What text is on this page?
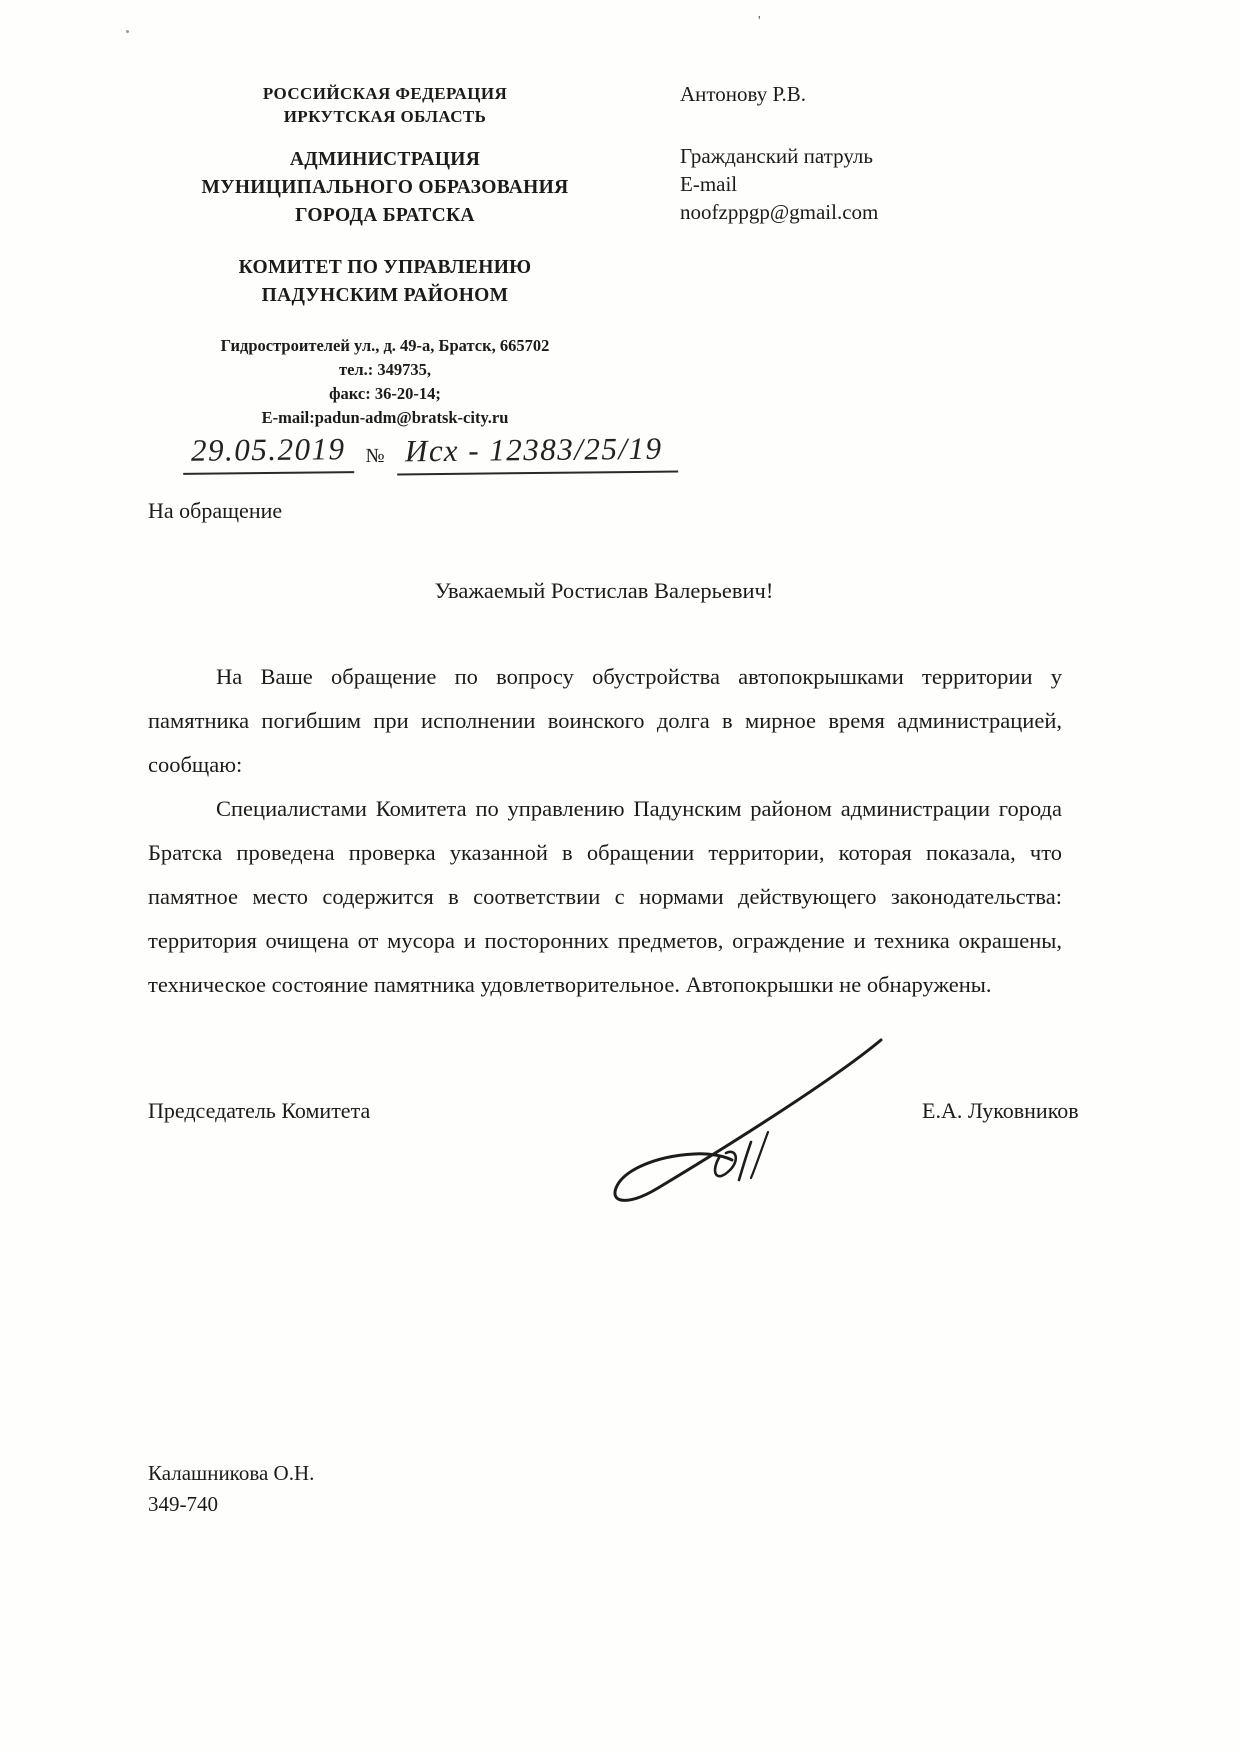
'
РОССИЙСКАЯ ФЕДЕРАЦИЯ
ИРКУТСКАЯ ОБЛАСТЬ
АДМИНИСТРАЦИЯ
МУНИЦИПАЛЬНОГО ОБРАЗОВАНИЯ
ГОРОДА БРАТСКА
КОМИТЕТ ПО УПРАВЛЕНИЮ
ПАДУНСКИМ РАЙОНОМ
Гидростроителей ул., д. 49-а, Братск, 665702
тел.: 349735,
факс: 36-20-14;
E-mail:padun-adm@bratsk-city.ru
Антонову Р.В.
Гражданский патруль
E-mail
noofzppgp@gmail.com
29.05.2019 № Исх - 12383/25/19
На обращение
Уважаемый Ростислав Валерьевич!

На Ваше обращение по вопросу обустройства автопокрышками территории у памятника погибшим при исполнении воинского долга в мирное время администрацией, сообщаю:

Специалистами Комитета по управлению Падунским районом администрации города Братска проведена проверка указанной в обращении территории, которая показала, что памятное место содержится в соответствии с нормами действующего законодательства: территория очищена от мусора и посторонних предметов, ограждение и техника окрашены, техническое состояние памятника удовлетворительное. Автопокрышки не обнаружены.

Председатель Комитета	Е.А. Луковников
Калашникова О.Н.
349-740
